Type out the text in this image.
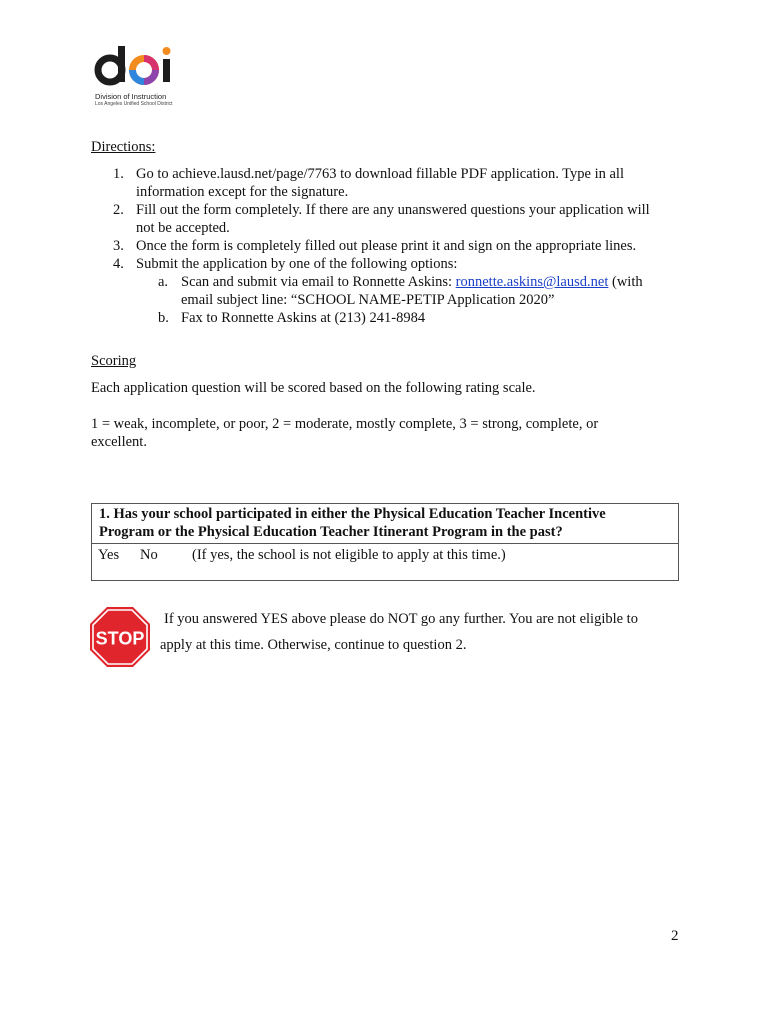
Division of Instruction
Los Angeles Unified School District
Directions:
1. Go to achieve.lausd.net/page/7763 to download fillable PDF application. Type in all
information except for the signature.
2. Fill out the form completely. If there are any unanswered questions your application will
not be accepted.
3. Once the form is completely filled out please print it and sign on the appropriate lines.
4. Submit the application by one of the following options:
a. Scan and submit via email to Ronnette Askins: ronnette.askins@lausd.net (with
email subject line: “SCHOOL NAME-PETIP Application 2020”
b. Fax to Ronnette Askins at (213) 241-8984
Scoring
Each application question will be scored based on the following rating scale.
1 = weak, incomplete, or poor, 2 = moderate, mostly complete, 3 = strong, complete, or
excellent.
1. Has your school participated in either the Physical Education Teacher Incentive
Program or the Physical Education Teacher Itinerant Program in the past?
Yes No (If yes, the school is not eligible to apply at this time.)
STOP
If you answered YES above please do NOT go any further. You are not eligible to
apply at this time. Otherwise, continue to question 2.
2
